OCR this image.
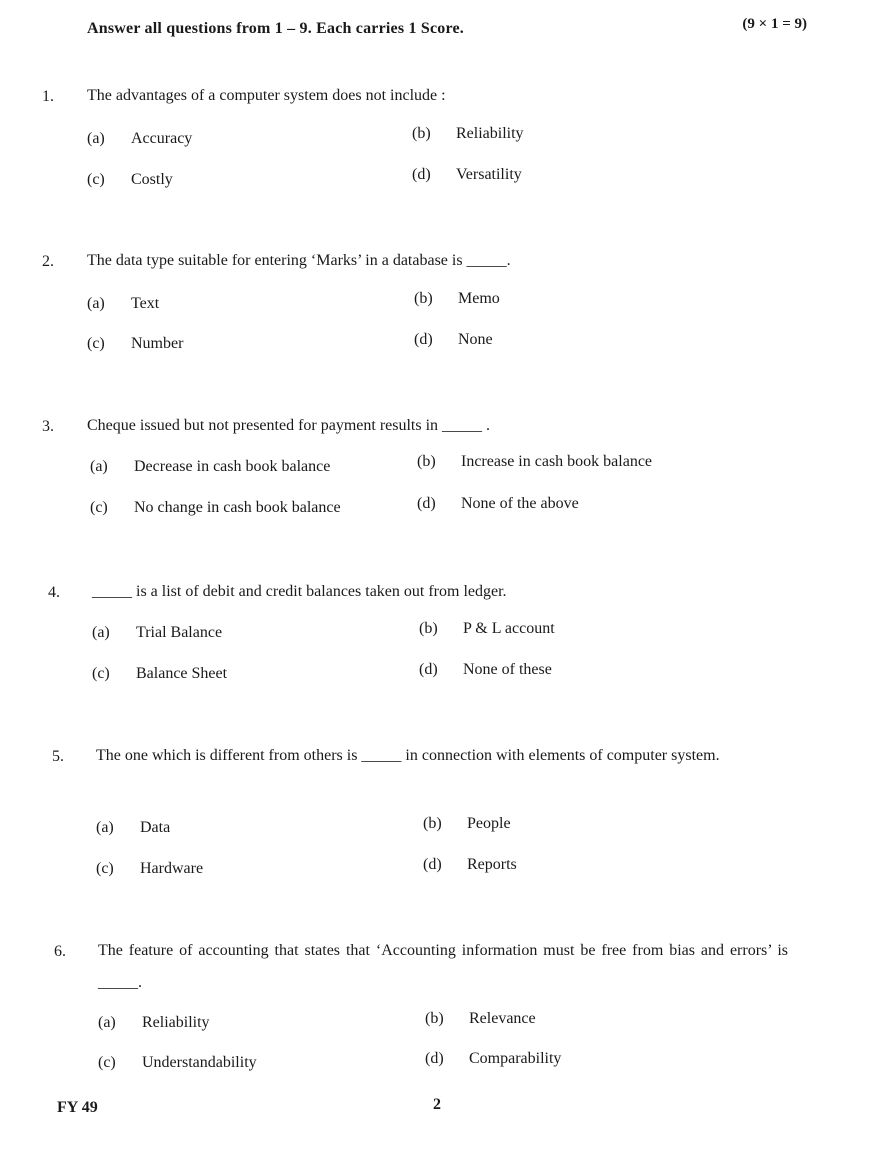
Answer all questions from 1 – 9. Each carries 1 Score.	(9 × 1 = 9)
1. The advantages of a computer system does not include :
(a) Accuracy	(b) Reliability
(c) Costly	(d) Versatility
2. The data type suitable for entering ‘Marks’ in a database is _____.
(a) Text	(b) Memo
(c) Number	(d) None
3. Cheque issued but not presented for payment results in _____ .
(a) Decrease in cash book balance	(b) Increase in cash book balance
(c) No change in cash book balance	(d) None of the above
4. _____ is a list of debit and credit balances taken out from ledger.
(a) Trial Balance	(b) P & L account
(c) Balance Sheet	(d) None of these
5. The one which is different from others is _____ in connection with elements of computer system.
(a) Data	(b) People
(c) Hardware	(d) Reports
6. The feature of accounting that states that ‘Accounting information must be free from bias and errors’ is _____.
(a) Reliability	(b) Relevance
(c) Understandability	(d) Comparability
FY 49	2
